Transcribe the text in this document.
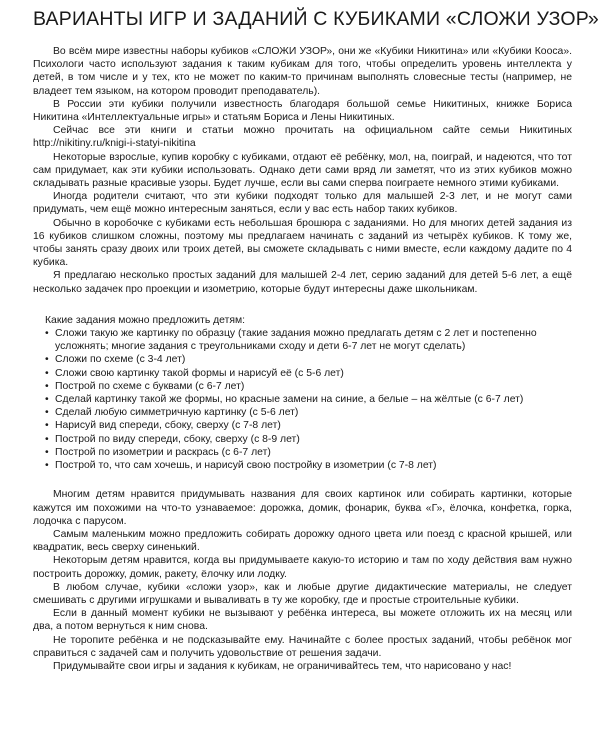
ВАРИАНТЫ ИГР И ЗАДАНИЙ С КУБИКАМИ «СЛОЖИ УЗОР»

Во всём мире известны наборы кубиков «СЛОЖИ УЗОР», они же «Кубики Никитина» или «Кубики Кооса». Психологи часто используют задания к таким кубикам для того, чтобы определить уровень интеллекта у детей, в том числе и у тех, кто не может по каким-то причинам выполнять словесные тесты (например, не владеет тем языком, на котором проводит преподаватель).

В России эти кубики получили известность благодаря большой семье Никитиных, книжке Бориса Никитина «Интеллектуальные игры» и статьям Бориса и Лены Никитиных.

Сейчас все эти книги и статьи можно прочитать на официальном сайте семьи Никитиных http://nikitiny.ru/knigi-i-statyi-nikitina

Некоторые взрослые, купив коробку с кубиками, отдают её ребёнку, мол, на, поиграй, и надеются, что тот сам придумает, как эти кубики использовать. Однако дети сами вряд ли заметят, что из этих кубиков можно складывать разные красивые узоры. Будет лучше, если вы сами сперва поиграете немного этими кубиками.

Иногда родители считают, что эти кубики подходят только для малышей 2-3 лет, и не могут сами придумать, чем ещё можно интересным заняться, если у вас есть набор таких кубиков.

Обычно в коробочке с кубиками есть небольшая брошюра с заданиями. Но для многих детей задания из 16 кубиков слишком сложны, поэтому мы предлагаем начинать с заданий из четырёх кубиков. К тому же, чтобы занять сразу двоих или троих детей, вы сможете складывать с ними вместе, если каждому дадите по 4 кубика.

Я предлагаю несколько простых заданий для малышей 2-4 лет, серию заданий для детей 5-6 лет, а ещё несколько задачек про проекции и изометрию, которые будут интересны даже школьникам.

Какие задания можно предложить детям:

• Сложи такую же картинку по образцу (такие задания можно предлагать детям с 2 лет и постепенно усложнять; многие задания с треугольниками сходу и дети 6-7 лет не могут сделать)
• Сложи по схеме (с 3-4 лет)
• Сложи свою картинку такой формы и нарисуй её (с 5-6 лет)
• Построй по схеме с буквами (с 6-7 лет)
• Сделай картинку такой же формы, но красные замени на синие, а белые – на жёлтые (с 6-7 лет)
• Сделай любую симметричную картинку (с 5-6 лет)
• Нарисуй вид спереди, сбоку, сверху (с 7-8 лет)
• Построй по виду спереди, сбоку, сверху (с 8-9 лет)
• Построй по изометрии и раскрась (с 6-7 лет)
• Построй то, что сам хочешь, и нарисуй свою постройку в изометрии (с 7-8 лет)

Многим детям нравится придумывать названия для своих картинок или собирать картинки, которые кажутся им похожими на что-то узнаваемое: дорожка, домик, фонарик, буква «Г», ёлочка, конфетка, горка, лодочка с парусом.

Самым маленьким можно предложить собирать дорожку одного цвета или поезд с красной крышей, или квадратик, весь сверху синенький.

Некоторым детям нравится, когда вы придумываете какую-то историю и там по ходу действия вам нужно построить дорожку, домик, ракету, ёлочку или лодку.

В любом случае, кубики «сложи узор», как и любые другие дидактические материалы, не следует смешивать с другими игрушками и вываливать в ту же коробку, где и простые строительные кубики.

Если в данный момент кубики не вызывают у ребёнка интереса, вы можете отложить их на месяц или два, а потом вернуться к ним снова.

Не торопите ребёнка и не подсказывайте ему. Начинайте с более простых заданий, чтобы ребёнок мог справиться с задачей сам и получить удовольствие от решения задачи.

Придумывайте свои игры и задания к кубикам, не ограничивайтесь тем, что нарисовано у нас!
